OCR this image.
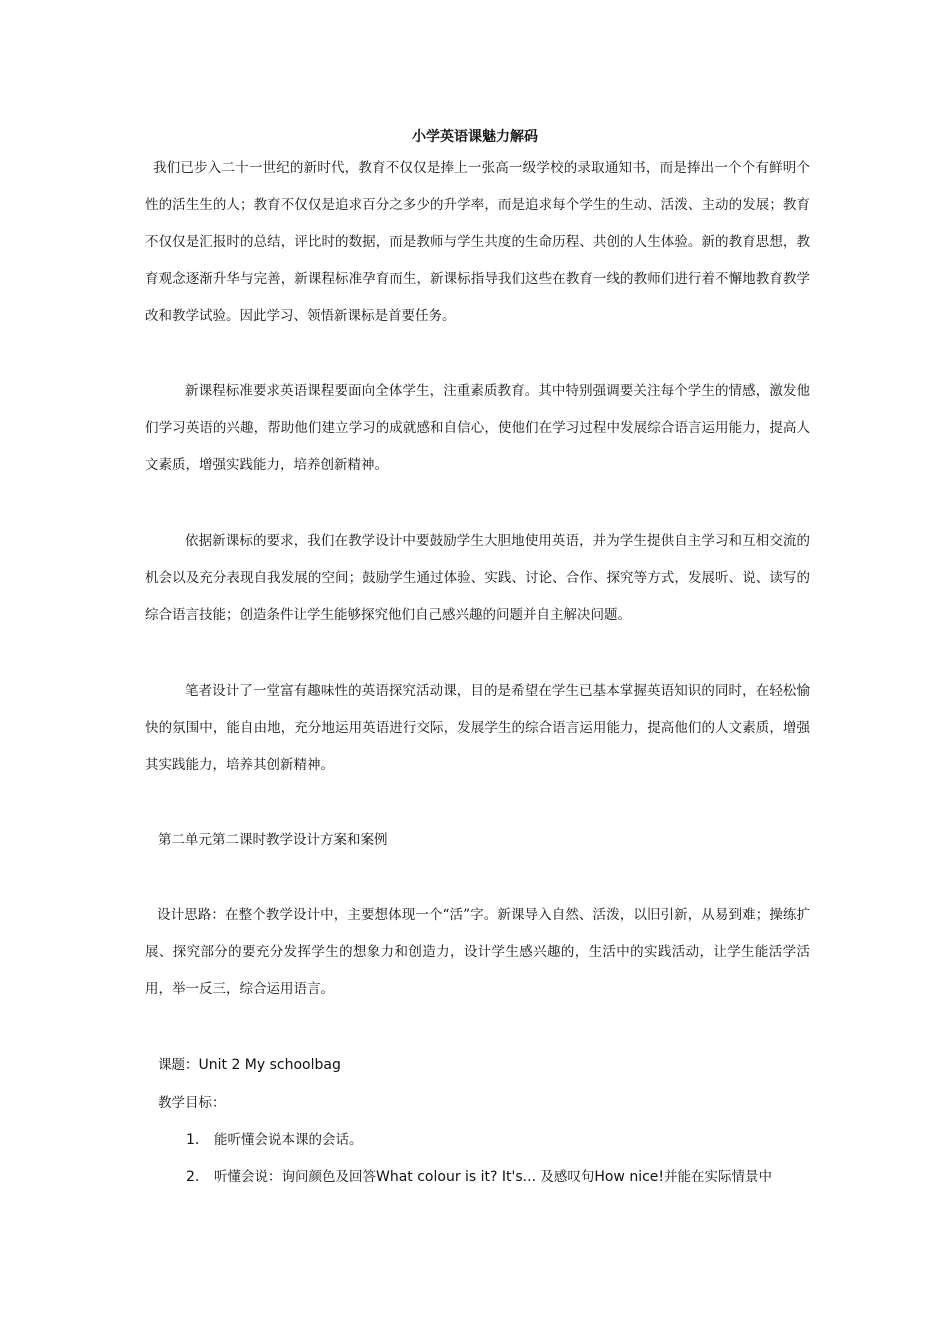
小学英语课魅力解码
我们已步入二十一世纪的新时代，教育不仅仅是捧上一张高一级学校的录取通知书，而是捧出一个个有鲜明个性的活生生的人；教育不仅仅是追求百分之多少的升学率，而是追求每个学生的生动、活泼、主动的发展；教育不仅仅是汇报时的总结，评比时的数据，而是教师与学生共度的生命历程、共创的人生体验。新的教育思想，教育观念逐渐升华与完善，新课程标准孕育而生，新课标指导我们这些在教育一线的教师们进行着不懈地教育教学改和教学试验。因此学习、领悟新课标是首要任务。
新课程标准要求英语课程要面向全体学生，注重素质教育。其中特别强调要关注每个学生的情感，激发他们学习英语的兴趣，帮助他们建立学习的成就感和自信心，使他们在学习过程中发展综合语言运用能力，提高人文素质，增强实践能力，培养创新精神。
依据新课标的要求，我们在教学设计中要鼓励学生大胆地使用英语，并为学生提供自主学习和互相交流的机会以及充分表现自我发展的空间；鼓励学生通过体验、实践、讨论、合作、探究等方式，发展听、说、读写的综合语言技能；创造条件让学生能够探究他们自己感兴趣的问题并自主解决问题。
笔者设计了一堂富有趣味性的英语探究活动课，目的是希望在学生已基本掌握英语知识的同时，在轻松愉快的氛围中，能自由地，充分地运用英语进行交际，发展学生的综合语言运用能力，提高他们的人文素质，增强其实践能力，培养其创新精神。
第二单元第二课时教学设计方案和案例
设计思路：在整个教学设计中，主要想体现一个“活”字。新课导入自然、活泼，以旧引新，从易到难；操练扩展、探究部分的要充分发挥学生的想象力和创造力，设计学生感兴趣的，生活中的实践活动，让学生能活学活用，举一反三，综合运用语言。
课题：Unit 2 My schoolbag
教学目标：
1. 能听懂会说本课的会话。
2. 听懂会说：询问颜色及回答What colour is it? It's... 及感叹句How nice!并能在实际情景中
